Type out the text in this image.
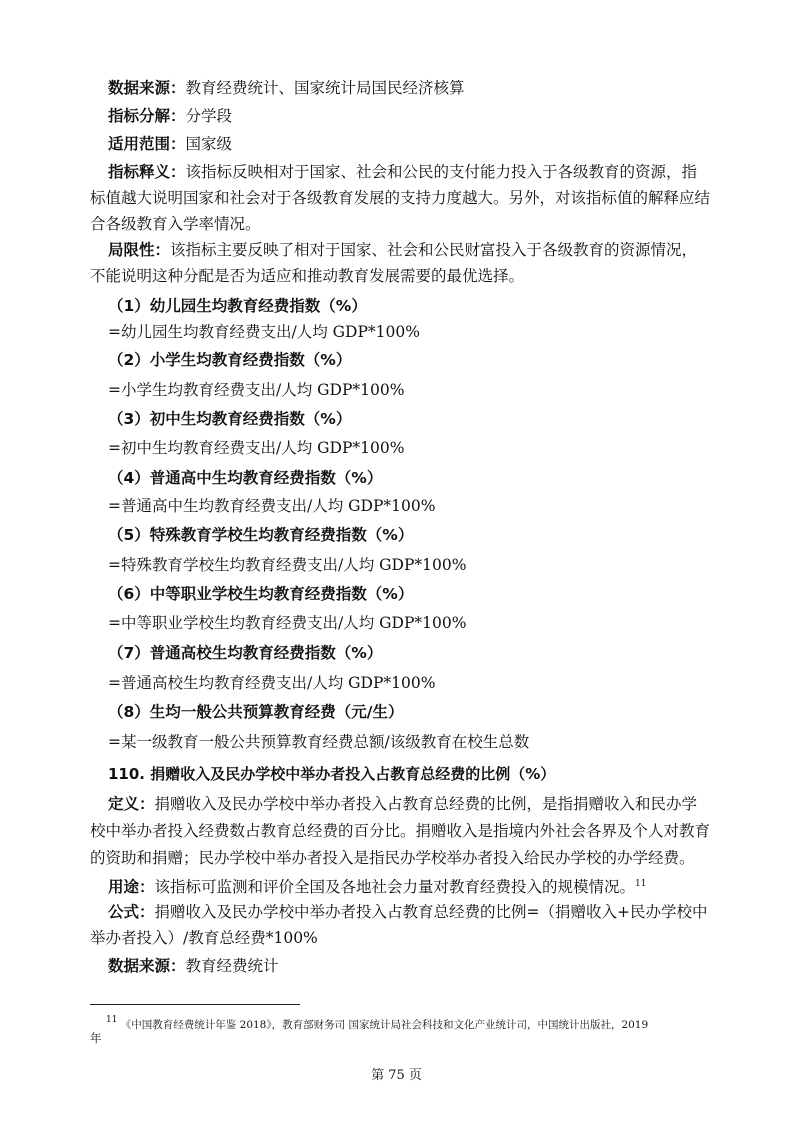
数据来源：教育经费统计、国家统计局国民经济核算
指标分解：分学段
适用范围：国家级
指标释义：该指标反映相对于国家、社会和公民的支付能力投入于各级教育的资源，指
标值越大说明国家和社会对于各级教育发展的支持力度越大。另外，对该指标值的解释应结
合各级教育入学率情况。
局限性：该指标主要反映了相对于国家、社会和公民财富投入于各级教育的资源情况，
不能说明这种分配是否为适应和推动教育发展需要的最优选择。
（1）幼儿园生均教育经费指数（%）
=幼儿园生均教育经费支出/人均 GDP*100%
（2）小学生均教育经费指数（%）
=小学生均教育经费支出/人均 GDP*100%
（3）初中生均教育经费指数（%）
=初中生均教育经费支出/人均 GDP*100%
（4）普通高中生均教育经费指数（%）
=普通高中生均教育经费支出/人均 GDP*100%
（5）特殊教育学校生均教育经费指数（%）
=特殊教育学校生均教育经费支出/人均 GDP*100%
（6）中等职业学校生均教育经费指数（%）
=中等职业学校生均教育经费支出/人均 GDP*100%
（7）普通高校生均教育经费指数（%）
=普通高校生均教育经费支出/人均 GDP*100%
（8）生均一般公共预算教育经费（元/生）
=某一级教育一般公共预算教育经费总额/该级教育在校生总数
110. 捐赠收入及民办学校中举办者投入占教育总经费的比例（%）
定义：捐赠收入及民办学校中举办者投入占教育总经费的比例，是指捐赠收入和民办学
校中举办者投入经费数占教育总经费的百分比。捐赠收入是指境内外社会各界及个人对教育
的资助和捐赠；民办学校中举办者投入是指民办学校举办者投入给民办学校的办学经费。
用途：该指标可监测和评价全国及各地社会力量对教育经费投入的规模情况。$^{11}$
公式：捐赠收入及民办学校中举办者投入占教育总经费的比例=（捐赠收入+民办学校中
举办者投入）/教育总经费*100%
数据来源：教育经费统计
11 《中国教育经费统计年鉴 2018》，教育部财务司 国家统计局社会科技和文化产业统计司，中国统计出版社，2019
年
第 75 页
